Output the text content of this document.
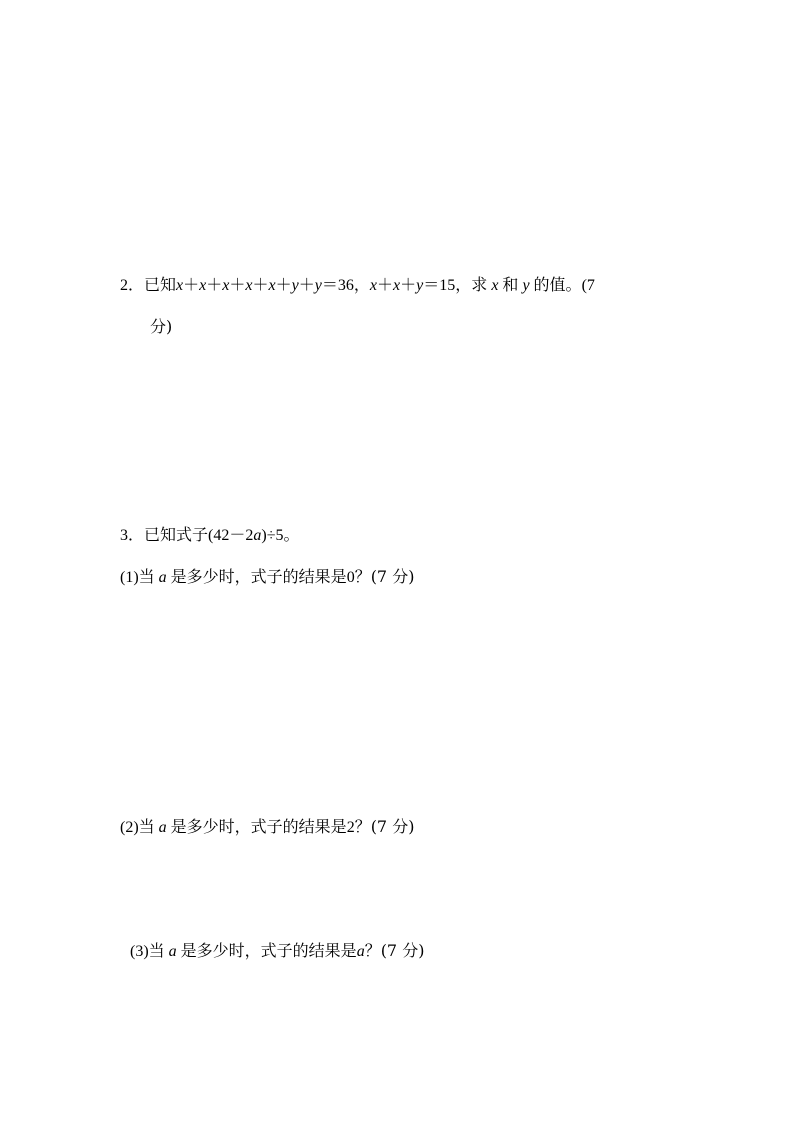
2．已知x＋x＋x＋x＋x＋y＋y＝36，x＋x＋y＝15，求 x 和 y 的值。(7
分)
3．已知式子(42－2a)÷5。
(1)当 a 是多少时，式子的结果是0？(7 分)
(2)当 a 是多少时，式子的结果是2？(7 分)
(3)当 a 是多少时，式子的结果是a？(7 分)
